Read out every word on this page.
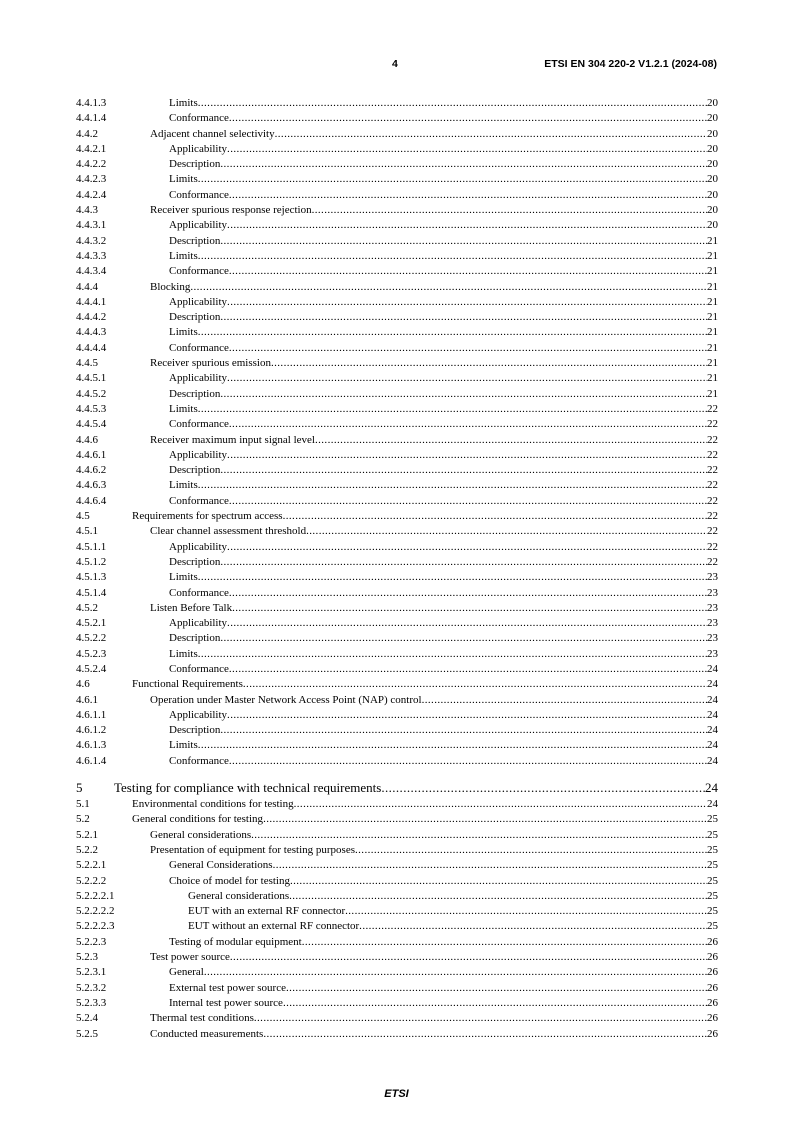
4	ETSI EN 304 220-2 V1.2.1 (2024-08)
4.4.1.3	Limits .....	20
4.4.1.4	Conformance .....	20
4.4.2	Adjacent channel selectivity .....	20
4.4.2.1	Applicability .....	20
4.4.2.2	Description .....	20
4.4.2.3	Limits .....	20
4.4.2.4	Conformance .....	20
4.4.3	Receiver spurious response rejection .....	20
4.4.3.1	Applicability .....	20
4.4.3.2	Description .....	21
4.4.3.3	Limits .....	21
4.4.3.4	Conformance .....	21
4.4.4	Blocking .....	21
4.4.4.1	Applicability .....	21
4.4.4.2	Description .....	21
4.4.4.3	Limits .....	21
4.4.4.4	Conformance .....	21
4.4.5	Receiver spurious emission .....	21
4.4.5.1	Applicability .....	21
4.4.5.2	Description .....	21
4.4.5.3	Limits .....	22
4.4.5.4	Conformance .....	22
4.4.6	Receiver maximum input signal level .....	22
4.4.6.1	Applicability .....	22
4.4.6.2	Description .....	22
4.4.6.3	Limits .....	22
4.4.6.4	Conformance .....	22
4.5	Requirements for spectrum access .....	22
4.5.1	Clear channel assessment threshold .....	22
4.5.1.1	Applicability .....	22
4.5.1.2	Description .....	22
4.5.1.3	Limits .....	23
4.5.1.4	Conformance .....	23
4.5.2	Listen Before Talk .....	23
4.5.2.1	Applicability .....	23
4.5.2.2	Description .....	23
4.5.2.3	Limits .....	23
4.5.2.4	Conformance .....	24
4.6	Functional Requirements .....	24
4.6.1	Operation under Master Network Access Point (NAP) control .....	24
4.6.1.1	Applicability .....	24
4.6.1.2	Description .....	24
4.6.1.3	Limits .....	24
4.6.1.4	Conformance .....	24
5 Testing for compliance with technical requirements .....	24
5.1	Environmental conditions for testing .....	24
5.2	General conditions for testing .....	25
5.2.1	General considerations .....	25
5.2.2	Presentation of equipment for testing purposes .....	25
5.2.2.1	General Considerations .....	25
5.2.2.2	Choice of model for testing .....	25
5.2.2.2.1	General considerations .....	25
5.2.2.2.2	EUT with an external RF connector .....	25
5.2.2.2.3	EUT without an external RF connector .....	25
5.2.2.3	Testing of modular equipment .....	26
5.2.3	Test power source .....	26
5.2.3.1	General .....	26
5.2.3.2	External test power source .....	26
5.2.3.3	Internal test power source .....	26
5.2.4	Thermal test conditions .....	26
5.2.5	Conducted measurements .....	26
ETSI
